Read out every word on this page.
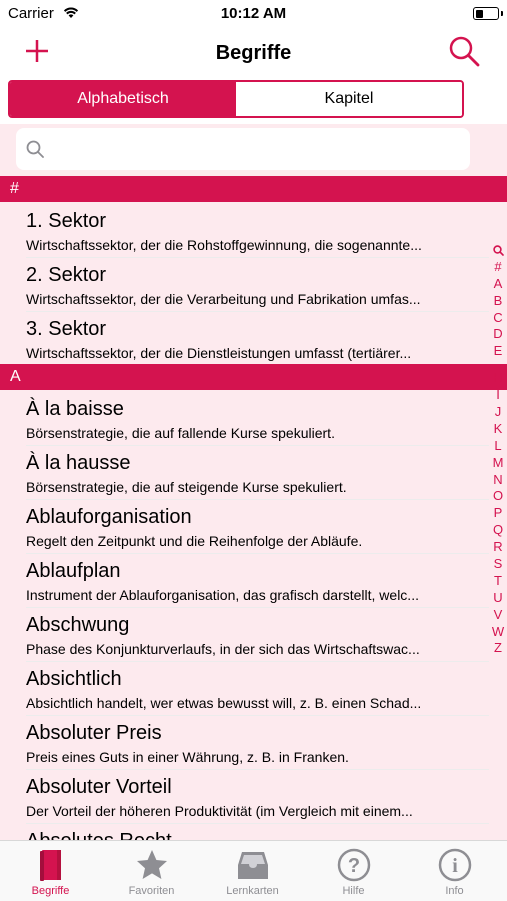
Carrier	10:12 AM
Begriffe
Alphabetisch	Kapitel
#
1. Sektor
Wirtschaftssektor, der die Rohstoffgewinnung, die sogenannte...
2. Sektor
Wirtschaftssektor, der die Verarbeitung und Fabrikation umfas...
3. Sektor
Wirtschaftssektor, der die Dienstleistungen umfasst (tertiärer...
A
À la baisse
Börsenstrategie, die auf fallende Kurse spekuliert.
À la hausse
Börsenstrategie, die auf steigende Kurse spekuliert.
Ablauforganisation
Regelt den Zeitpunkt und die Reihenfolge der Abläufe.
Ablaufplan
Instrument der Ablauforganisation, das grafisch darstellt, welc...
Abschwung
Phase des Konjunkturverlaufs, in der sich das Wirtschaftswac...
Absichtlich
Absichtlich handelt, wer etwas bewusst will, z. B. einen Schad...
Absoluter Preis
Preis eines Guts in einer Währung, z. B. in Franken.
Absoluter Vorteil
Der Vorteil der höheren Produktivität (im Vergleich mit einem...
#
A
B
C
D
E
H
I
J
K
L
M
N
O
P
Q
R
S
T
U
V
W
Z
Begriffe	Favoriten	Lernkarten
?
Hilfe
i
Info
